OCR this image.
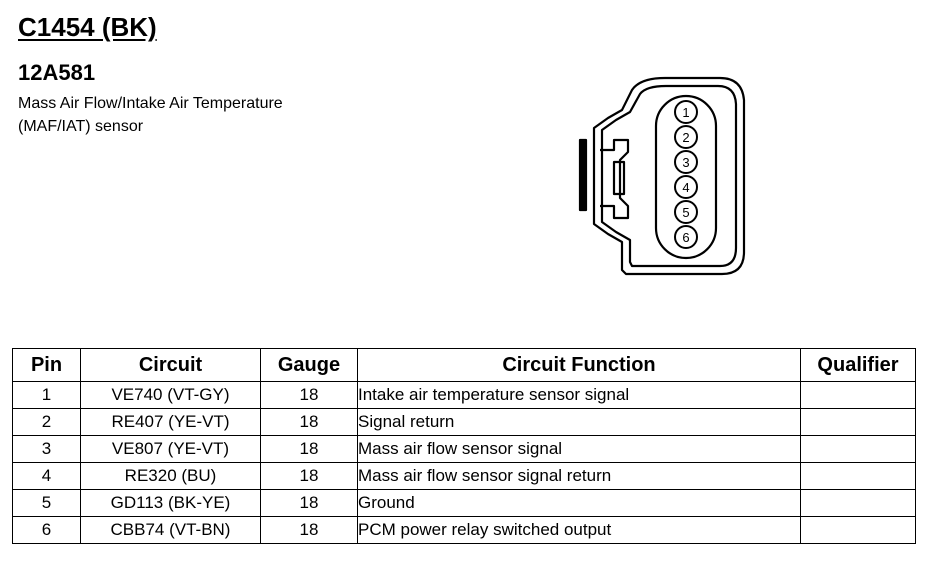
C1454 (BK)
12A581
Mass Air Flow/Intake Air Temperature
(MAF/IAT) sensor
1
2
3
4
5
6
Pin	Circuit	Gauge	Circuit Function	Qualifier
1	VE740 (VT-GY)	18	Intake air temperature sensor signal	
2	RE407 (YE-VT)	18	Signal return	
3	VE807 (YE-VT)	18	Mass air flow sensor signal	
4	RE320 (BU)	18	Mass air flow sensor signal return	
5	GD113 (BK-YE)	18	Ground	
6	CBB74 (VT-BN)	18	PCM power relay switched output	
